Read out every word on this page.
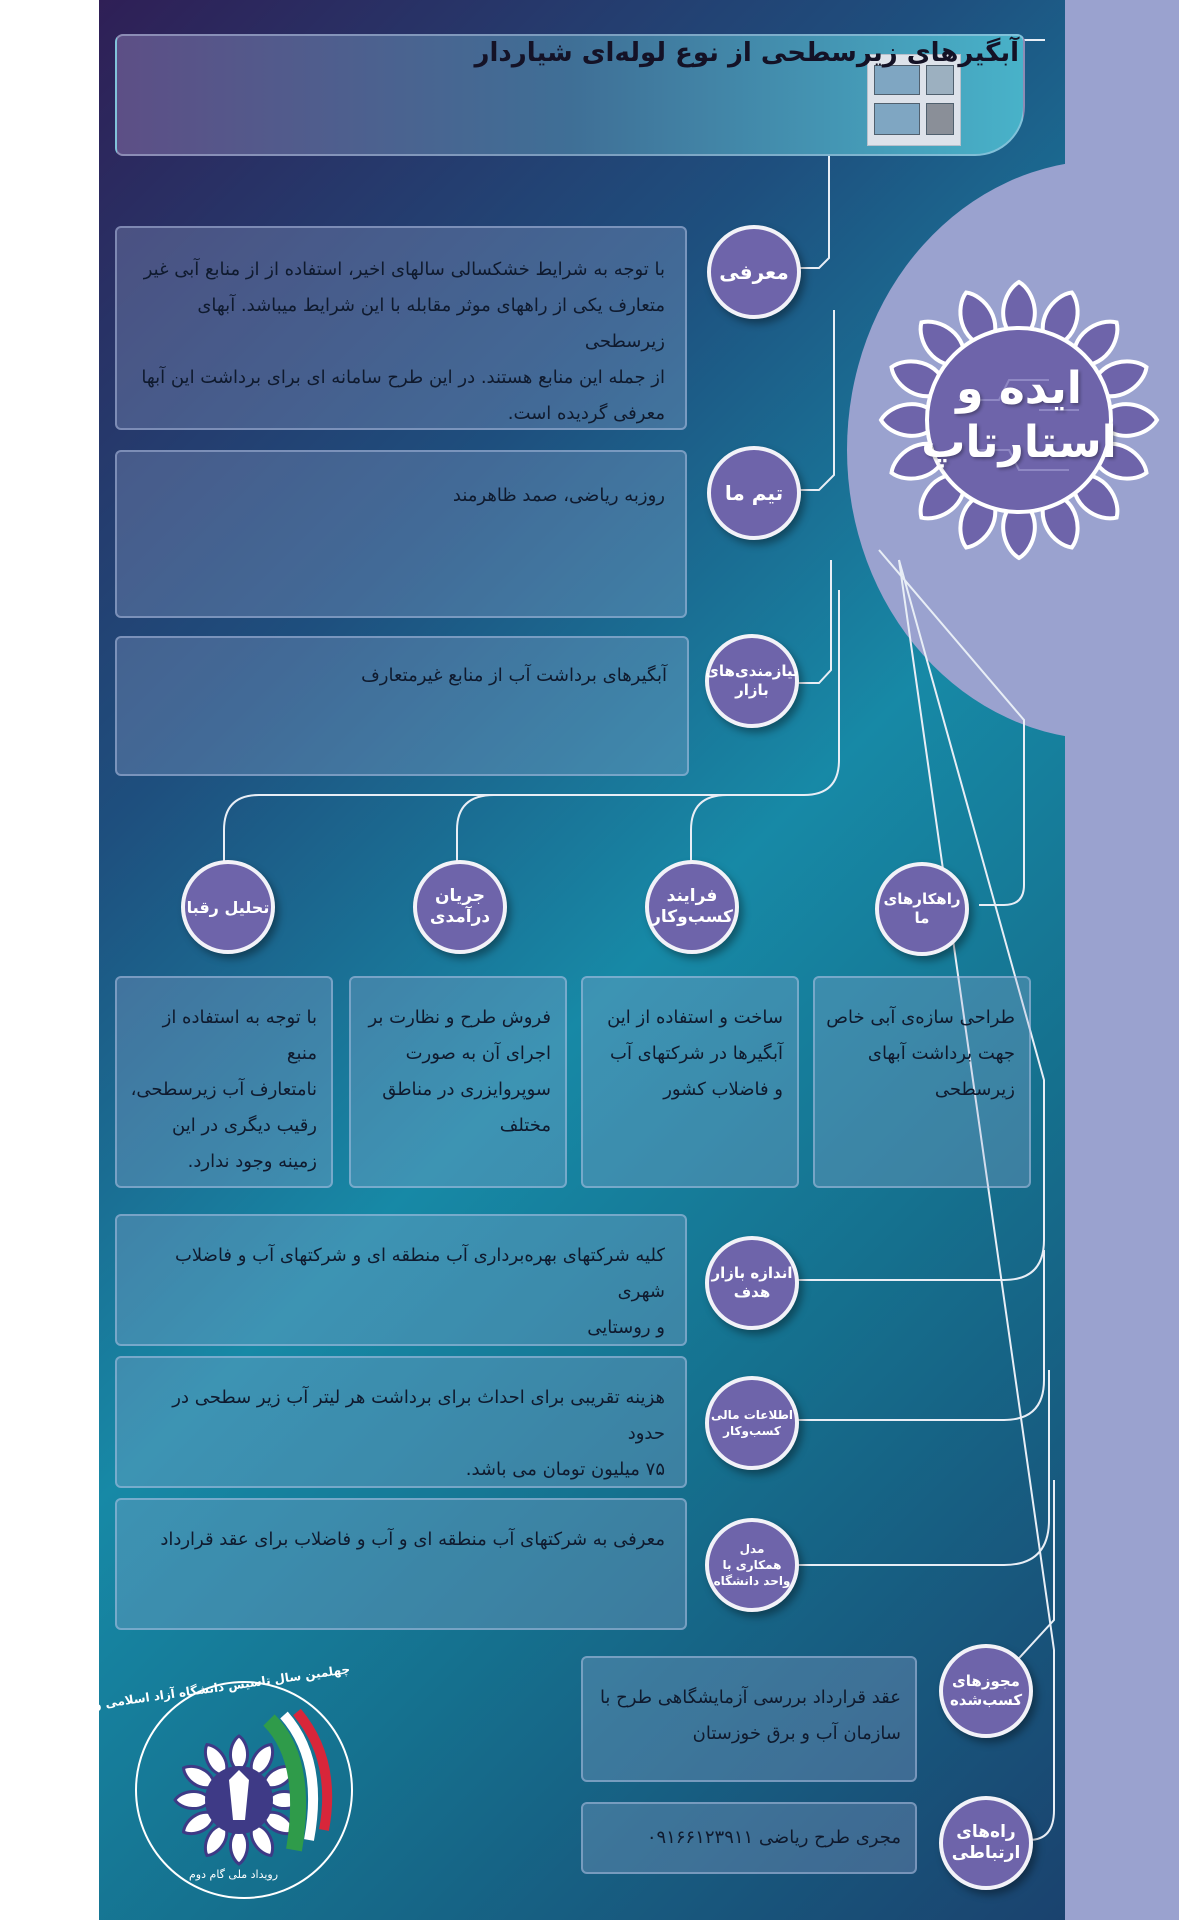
آبگیرهای زیرسطحی از نوع لوله‌ای شیاردار
ایده و
استارتاپ
با توجه به شرایط خشکسالی سالهای اخیر، استفاده از از منابع آبی غیر
متعارف یکی از راههای موثر مقابله با این شرایط میباشد. آبهای زیرسطحی
از جمله این منابع هستند. در این طرح سامانه ای برای برداشت این آبها
معرفی گردیده است.
معرفی
روزبه ریاضی، صمد ظاهرمند	تیم ما
آبگیرهای برداشت آب از منابع غیرمتعارف	نیازمندی‌های
بازار
راهکارهای
ما
فرایند
کسب‌وکار
جریان
درآمدی
تحلیل رقبا
طراحی سازه‌ی آبی خاص
جهت برداشت آبهای
زیرسطحی
ساخت و استفاده از این
آبگیرها در شرکتهای آب
و فاضلاب کشور
فروش طرح و نظارت بر
اجرای آن به صورت
سوپروایزری در مناطق
مختلف
با توجه به استفاده از منبع
نامتعارف آب زیرسطحی،
رقیب دیگری در این
زمینه وجود ندارد.
کلیه شرکتهای بهره‌برداری آب منطقه ای و شرکتهای آب و فاضلاب شهری
و روستایی
اندازه بازار
هدف
هزینه تقریبی برای احداث برای برداشت هر لیتر آب زیر سطحی در حدود
۷۵ میلیون تومان می باشد.
اطلاعات مالی
کسب‌وکار
معرفی به شرکتهای آب منطقه ای و آب و فاضلاب برای عقد قرارداد	مدل
همکاری با
واحد دانشگاه
عقد قرارداد بررسی آزمایشگاهی طرح با
سازمان آب و برق خوزستان
مجوزهای
کسب‌شده
مجری طرح ریاضی ۰۹۱۶۶۱۲۳۹۱۱	راه‌های
ارتباطی
چهلمین سال تاسیس دانشگاه آزاد اسلامی و گام دوم انقلاب
رویداد ملی گام دوم
